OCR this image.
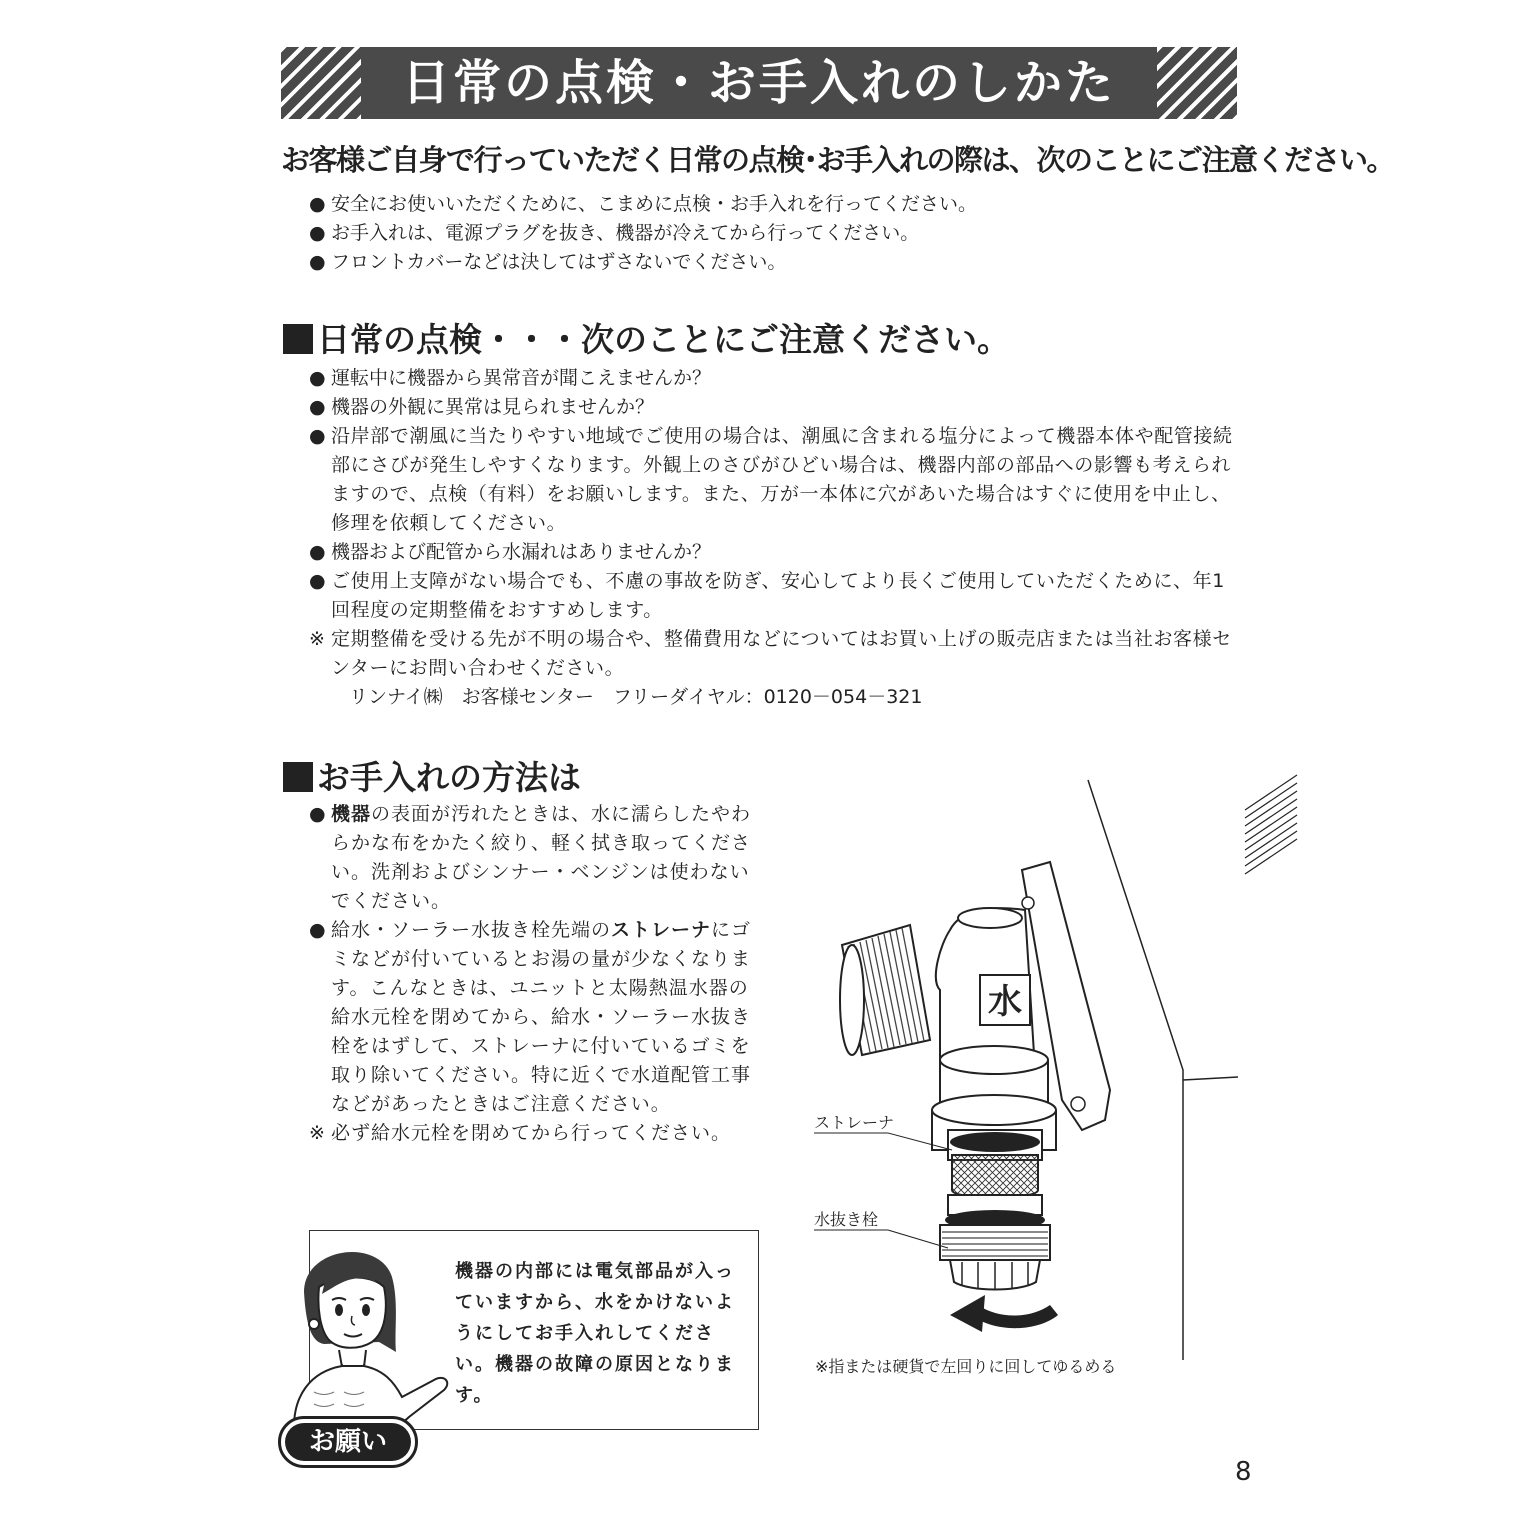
日常の点検・お手入れのしかた
お客様ご自身で行っていただく日常の点検･お手入れの際は、次のことにご注意ください。
● 安全にお使いいただくために、こまめに点検・お手入れを行ってください。
● お手入れは、電源プラグを抜き、機器が冷えてから行ってください。
● フロントカバーなどは決してはずさないでください。
日常の点検・・・次のことにご注意ください。
● 運転中に機器から異常音が聞こえませんか？
● 機器の外観に異常は見られませんか？
● 沿岸部で潮風に当たりやすい地域でご使用の場合は、潮風に含まれる塩分によって機器本体や配管接続部にさびが発生しやすくなります。外観上のさびがひどい場合は、機器内部の部品への影響も考えられますので、点検（有料）をお願いします。また、万が一本体に穴があいた場合はすぐに使用を中止し、修理を依頼してください。
● 機器および配管から水漏れはありませんか？
● ご使用上支障がない場合でも、不慮の事故を防ぎ、安心してより長くご使用していただくために、年1回程度の定期整備をおすすめします。
※ 定期整備を受ける先が不明の場合や、整備費用などについてはお買い上げの販売店または当社お客様センターにお問い合わせください。
リンナイ㈱　お客様センター　フリーダイヤル：0120－054－321
お手入れの方法は
● 機器の表面が汚れたときは、水に濡らしたやわらかな布をかたく絞り、軽く拭き取ってください。洗剤およびシンナー・ベンジンは使わないでください。
● 給水・ソーラー水抜き栓先端のストレーナにゴミなどが付いているとお湯の量が少なくなります。こんなときは、ユニットと太陽熱温水器の給水元栓を閉めてから、給水・ソーラー水抜き栓をはずして、ストレーナに付いているゴミを取り除いてください。特に近くで水道配管工事などがあったときはご注意ください。
※ 必ず給水元栓を閉めてから行ってください。
機器の内部には電気部品が入っていますから、水をかけないようにしてお手入れしてください。機器の故障の原因となります。
お願い
水
ストレーナ
水抜き栓
※指または硬貨で左回りに回してゆるめる
8
